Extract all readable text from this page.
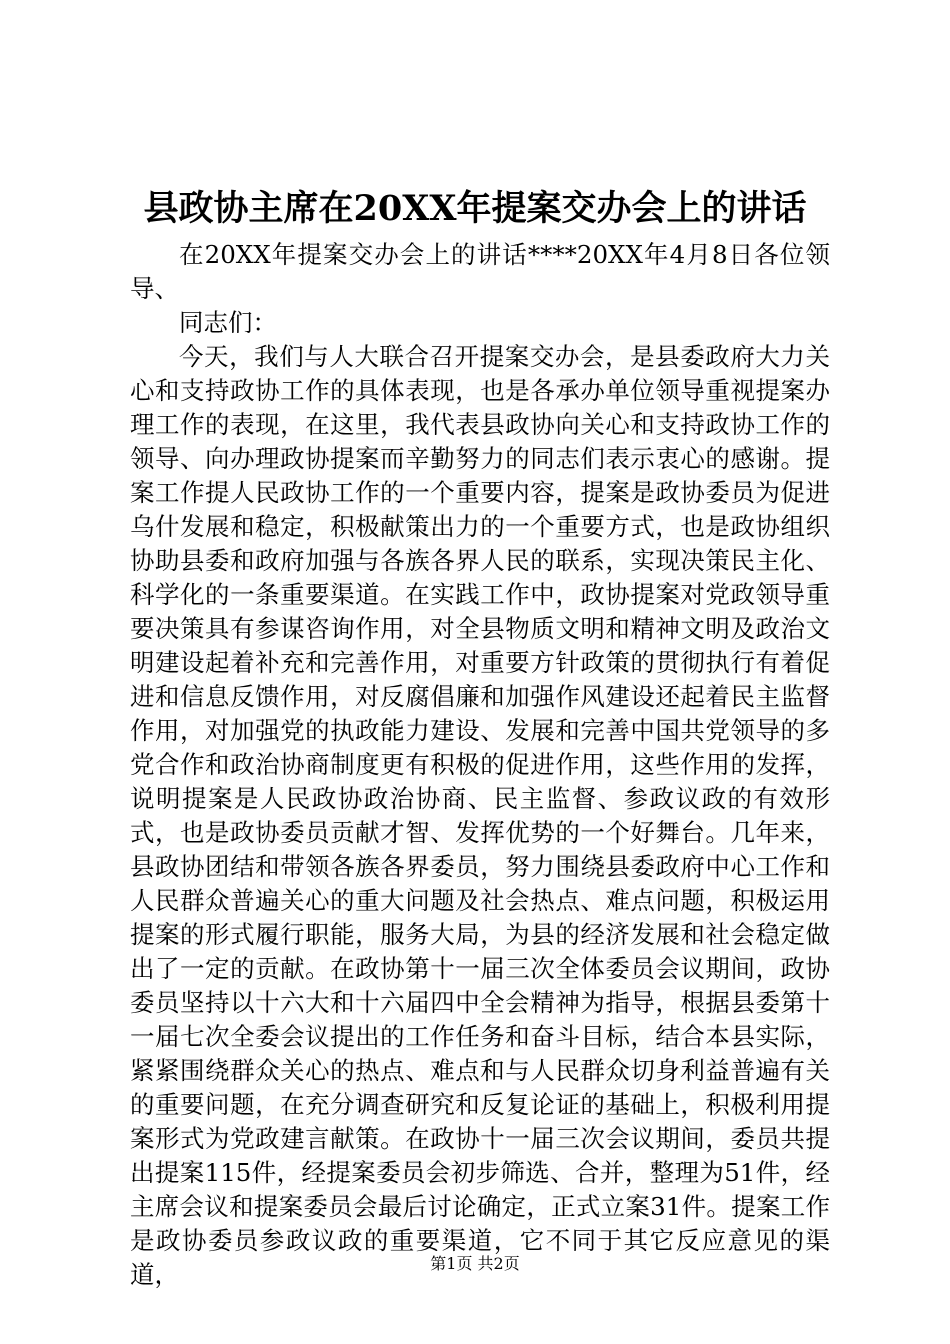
县政协主席在20XX年提案交办会上的讲话

在20XX年提案交办会上的讲话****20XX年4月8日各位领导、

同志们：

今天，我们与人大联合召开提案交办会，是县委政府大力关心和支持政协工作的具体表现，也是各承办单位领导重视提案办理工作的表现，在这里，我代表县政协向关心和支持政协工作的领导、向办理政协提案而辛勤努力的同志们表示衷心的感谢。提案工作提人民政协工作的一个重要内容，提案是政协委员为促进乌什发展和稳定，积极献策出力的一个重要方式，也是政协组织协助县委和政府加强与各族各界人民的联系，实现决策民主化、科学化的一条重要渠道。在实践工作中，政协提案对党政领导重要决策具有参谋咨询作用，对全县物质文明和精神文明及政治文明建设起着补充和完善作用，对重要方针政策的贯彻执行有着促进和信息反馈作用，对反腐倡廉和加强作风建设还起着民主监督作用，对加强党的执政能力建设、发展和完善中国共党领导的多党合作和政治协商制度更有积极的促进作用，这些作用的发挥，说明提案是人民政协政治协商、民主监督、参政议政的有效形式，也是政协委员贡献才智、发挥优势的一个好舞台。几年来，县政协团结和带领各族各界委员，努力围绕县委政府中心工作和人民群众普遍关心的重大问题及社会热点、难点问题，积极运用提案的形式履行职能，服务大局，为县的经济发展和社会稳定做出了一定的贡献。在政协第十一届三次全体委员会议期间，政协委员坚持以十六大和十六届四中全会精神为指导，根据县委第十一届七次全委会议提出的工作任务和奋斗目标，结合本县实际，紧紧围绕群众关心的热点、难点和与人民群众切身利益普遍有关的重要问题，在充分调查研究和反复论证的基础上，积极利用提案形式为党政建言献策。在政协十一届三次会议期间，委员共提出提案115件，经提案委员会初步筛选、合并，整理为51件，经主席会议和提案委员会最后讨论确定，正式立案31件。提案工作是政协委员参政议政的重要渠道，它不同于其它反应意见的渠道，	第1页 共2页
